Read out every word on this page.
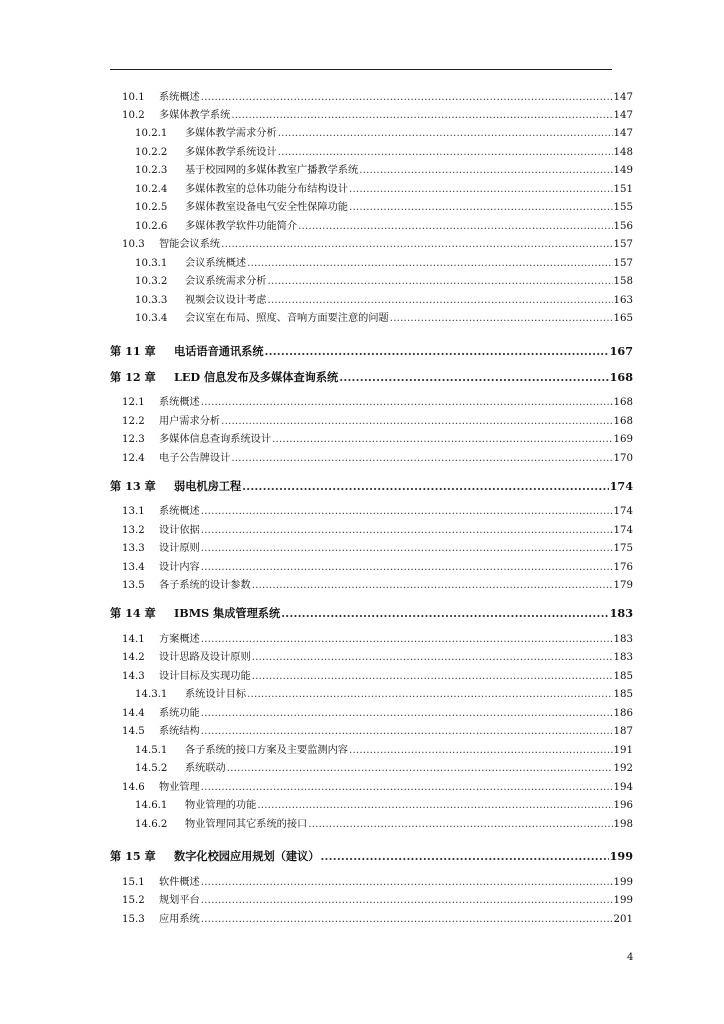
10.1	系统概述 .....	147
10.2	多媒体教学系统 .....	147
10.2.1	多媒体教学需求分析 .....	147
10.2.2	多媒体教学系统设计 .....	148
10.2.3	基于校园网的多媒体教室广播教学系统 .....	149
10.2.4	多媒体教室的总体功能分布结构设计 .....	151
10.2.5	多媒体教室设备电气安全性保障功能 .....	155
10.2.6	多媒体教学软件功能简介 .....	156
10.3	智能会议系统 .....	157
10.3.1	会议系统概述 .....	157
10.3.2	会议系统需求分析 .....	158
10.3.3	视频会议设计考虑 .....	163
10.3.4	会议室在布局、照度、音响方面要注意的问题 .....	165
第 11 章	电话语音通讯系统 .....	167
第 12 章	LED 信息发布及多媒体查询系统 .....	168
12.1	系统概述 .....	168
12.2	用户需求分析 .....	168
12.3	多媒体信息查询系统设计 .....	169
12.4	电子公告牌设计 .....	170
第 13 章	弱电机房工程 .....	174
13.1	系统概述 .....	174
13.2	设计依据 .....	174
13.3	设计原则 .....	175
13.4	设计内容 .....	176
13.5	各子系统的设计参数 .....	179
第 14 章	IBMS 集成管理系统 .....	183
14.1	方案概述 .....	183
14.2	设计思路及设计原则 .....	183
14.3	设计目标及实现功能 .....	185
14.3.1	系统设计目标 .....	185
14.4	系统功能 .....	186
14.5	系统结构 .....	187
14.5.1	各子系统的接口方案及主要监测内容 .....	191
14.5.2	系统联动 .....	192
14.6	物业管理 .....	194
14.6.1	物业管理的功能 .....	196
14.6.2	物业管理同其它系统的接口 .....	198
第 15 章	数字化校园应用规划（建议） .....	199
15.1	软件概述 .....	199
15.2	规划平台 .....	199
15.3	应用系统 .....	201
4
